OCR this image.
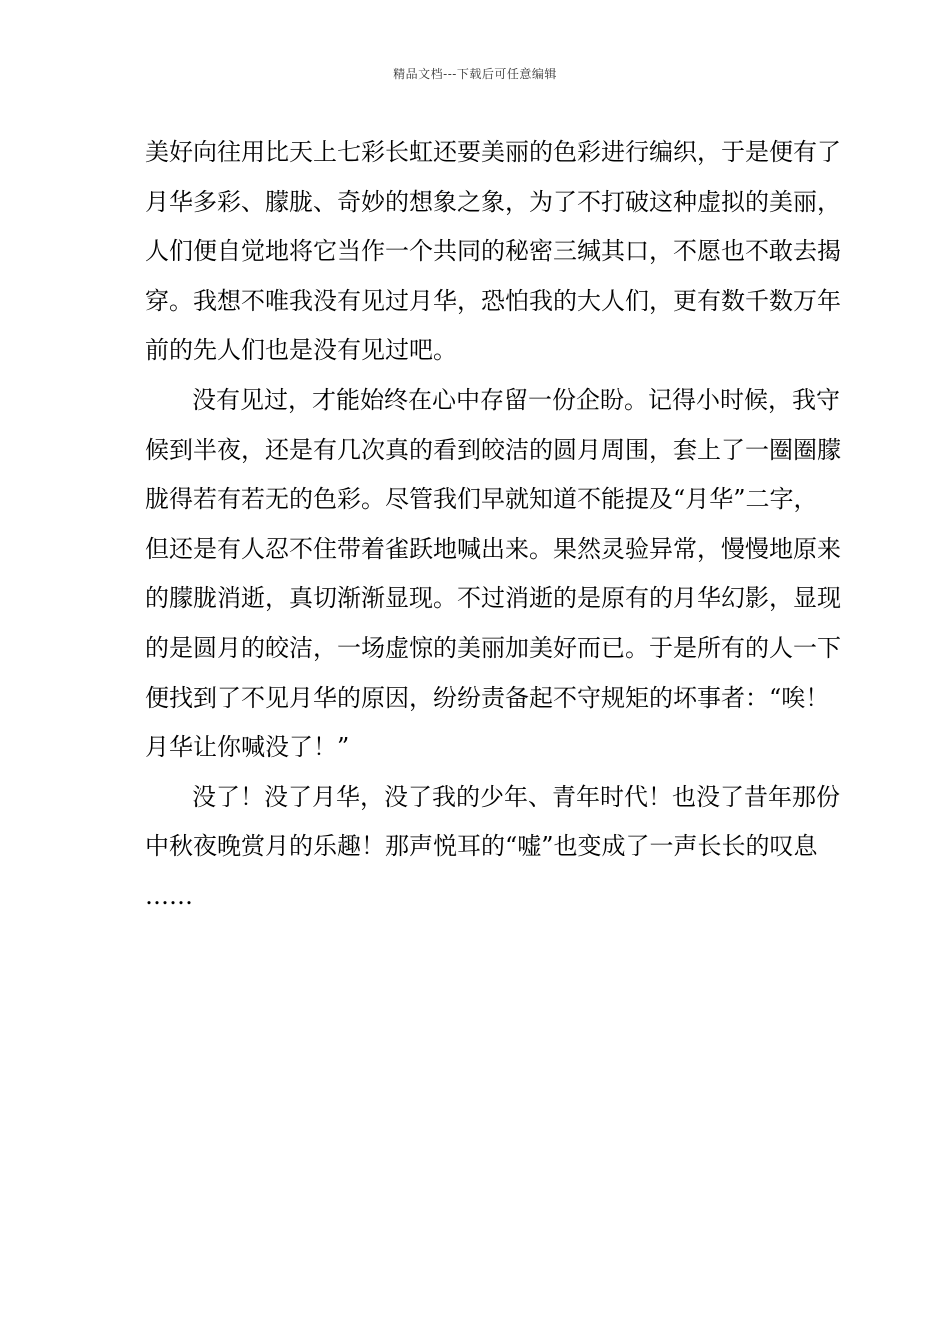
精品文档---下载后可任意编辑
美好向往用比天上七彩长虹还要美丽的色彩进行编织，于是便有了
月华多彩、朦胧、奇妙的想象之象，为了不打破这种虚拟的美丽，
人们便自觉地将它当作一个共同的秘密三缄其口，不愿也不敢去揭
穿。我想不唯我没有见过月华，恐怕我的大人们，更有数千数万年
前的先人们也是没有见过吧。
没有见过，才能始终在心中存留一份企盼。记得小时候，我守
候到半夜，还是有几次真的看到皎洁的圆月周围，套上了一圈圈朦
胧得若有若无的色彩。尽管我们早就知道不能提及“月华”二字，
但还是有人忍不住带着雀跃地喊出来。果然灵验异常，慢慢地原来
的朦胧消逝，真切渐渐显现。不过消逝的是原有的月华幻影，显现
的是圆月的皎洁，一场虚惊的美丽加美好而已。于是所有的人一下
便找到了不见月华的原因，纷纷责备起不守规矩的坏事者：“唉！
月华让你喊没了！”
没了！没了月华，没了我的少年、青年时代！也没了昔年那份
中秋夜晚赏月的乐趣！那声悦耳的“嘘”也变成了一声长长的叹息
……
